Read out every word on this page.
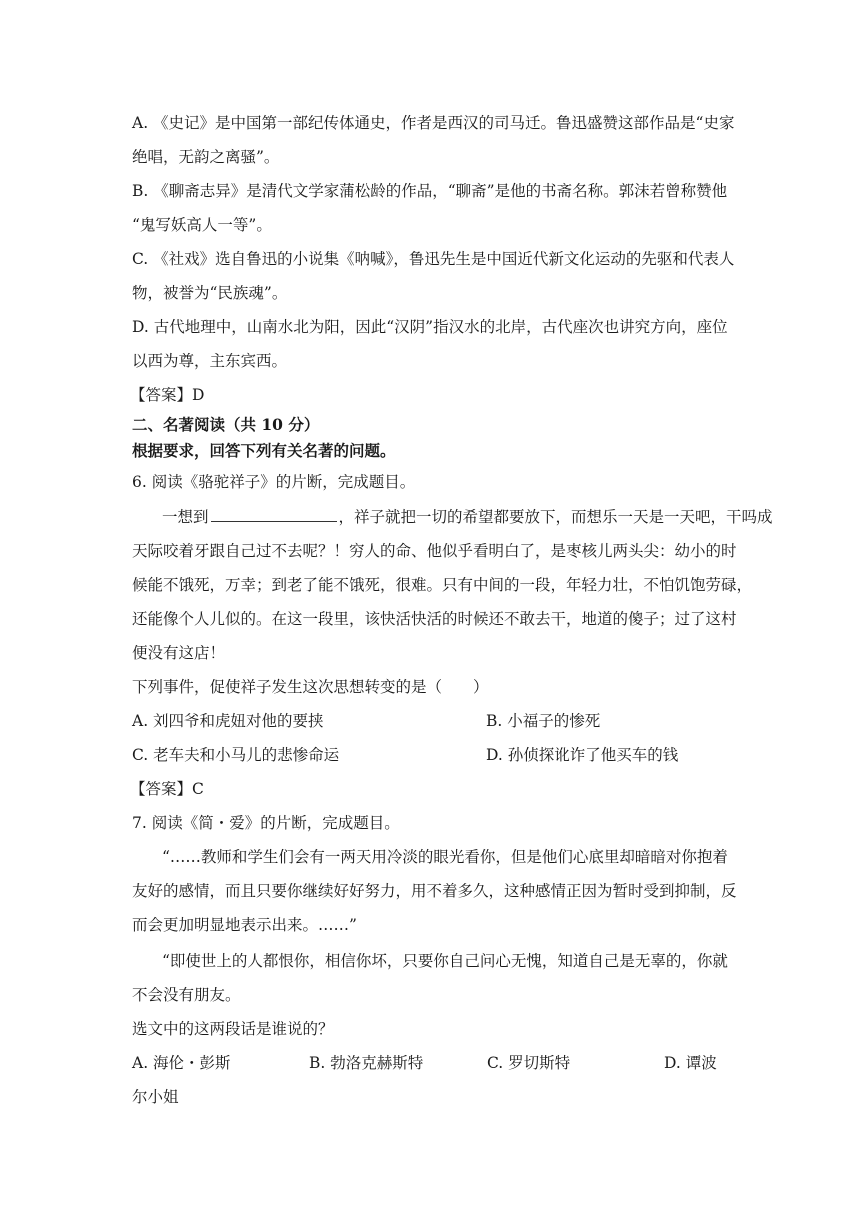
A. 《史记》是中国第一部纪传体通史，作者是西汉的司马迁。鲁迅盛赞这部作品是“史家
绝唱，无韵之离骚”。
B. 《聊斋志异》是清代文学家蒲松龄的作品，“聊斋”是他的书斋名称。郭沫若曾称赞他
“鬼写妖高人一等”。
C. 《社戏》选自鲁迅的小说集《呐喊》，鲁迅先生是中国近代新文化运动的先驱和代表人
物，被誉为“民族魂”。
D. 古代地理中，山南水北为阳，因此“汉阴”指汉水的北岸，古代座次也讲究方向，座位
以西为尊，主东宾西。
【答案】D
二、名著阅读（共 10 分）
根据要求，回答下列有关名著的问题。
6. 阅读《骆驼祥子》的片断，完成题目。
一想到	，祥子就把一切的希望都要放下，而想乐一天是一天吧，干吗成
天际咬着牙跟自己过不去呢？！穷人的命、他似乎看明白了，是枣核儿两头尖：幼小的时
候能不饿死，万幸；到老了能不饿死，很难。只有中间的一段，年轻力壮，不怕饥饱劳碌，
还能像个人儿似的。在这一段里，该快活快活的时候还不敢去干，地道的傻子；过了这村
便没有这店！
下列事件，促使祥子发生这次思想转变的是（　　）
A. 刘四爷和虎妞对他的要挟	B. 小福子的惨死
C. 老车夫和小马儿的悲惨命运	D. 孙侦探讹诈了他买车的钱
【答案】C
7. 阅读《简・爱》的片断，完成题目。
“……教师和学生们会有一两天用冷淡的眼光看你，但是他们心底里却暗暗对你抱着
友好的感情，而且只要你继续好好努力，用不着多久，这种感情正因为暂时受到抑制，反
而会更加明显地表示出来。……”
“即使世上的人都恨你，相信你坏，只要你自己问心无愧，知道自己是无辜的，你就
不会没有朋友。
选文中的这两段话是谁说的？
A. 海伦・彭斯	B. 勃洛克赫斯特	C. 罗切斯特	D. 谭波
尔小姐
